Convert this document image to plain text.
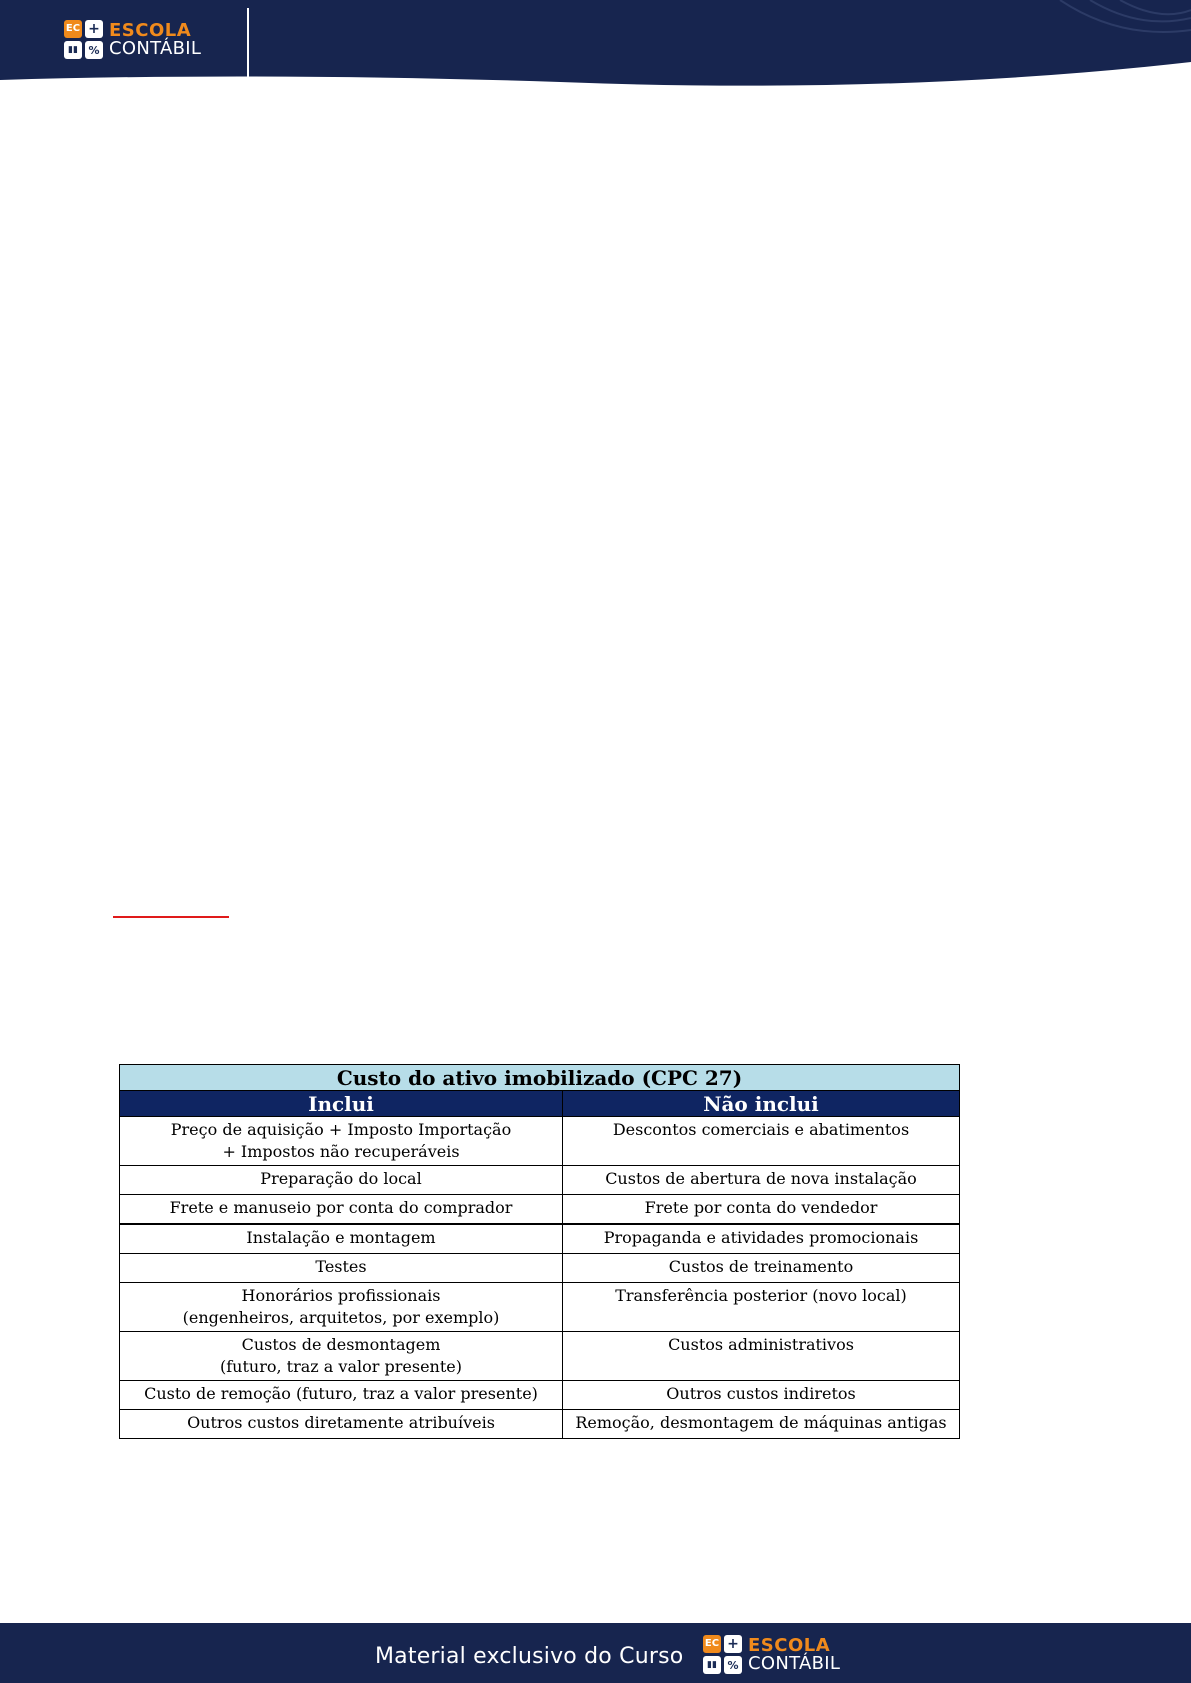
EC +
▮▮ %
ESCOLA
CONTÁBIL
Custo do ativo imobilizado (CPC 27)	
Inclui	Não inclui

Preço de aquisição + Imposto Importação
+ Impostos não recuperáveis	Descontos comerciais e abatimentos

Preparação do local	Custos de abertura de nova instalação

Frete e manuseio por conta do comprador	Frete por conta do vendedor

Instalação e montagem	Propaganda e atividades promocionais

Testes	Custos de treinamento

Honorários profissionais
(engenheiros, arquitetos, por exemplo)	Transferência posterior (novo local)

Custos de desmontagem
(futuro, traz a valor presente)	Custos administrativos

Custo de remoção (futuro, traz a valor presente)	Outros custos indiretos

Outros custos diretamente atribuíveis	Remoção, desmontagem de máquinas antigas
Material exclusivo do Curso
EC +
▮▮ %
ESCOLA
CONTÁBIL
